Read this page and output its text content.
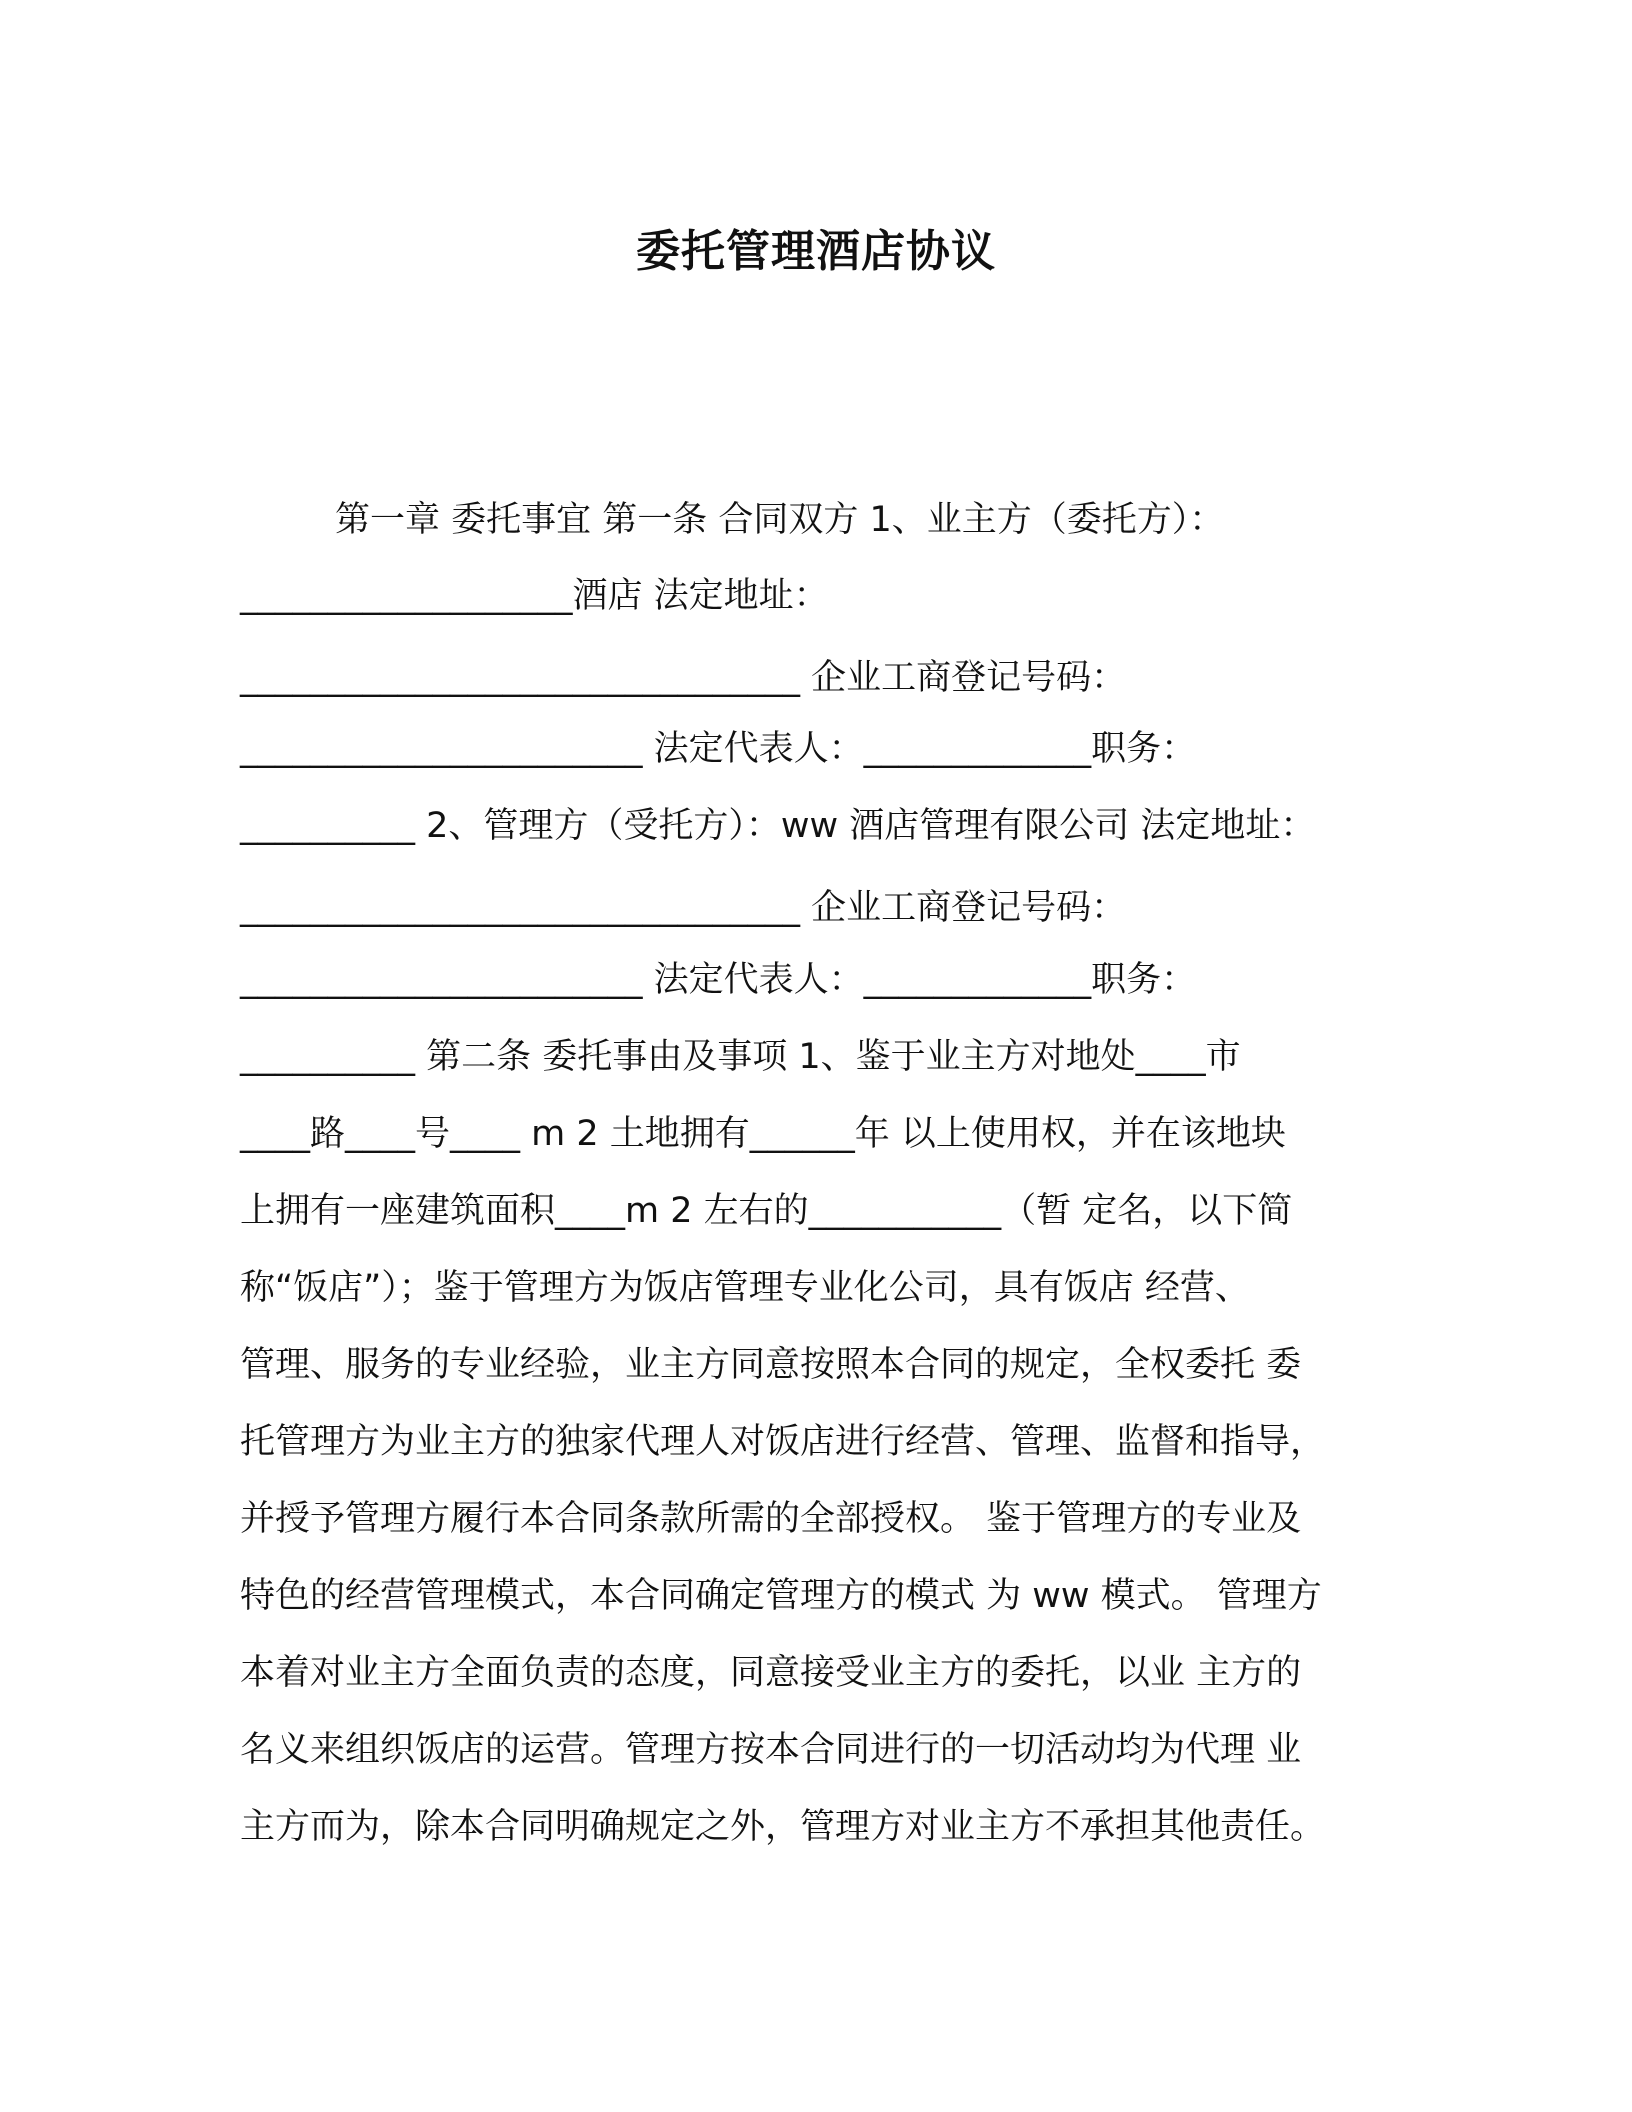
委托管理酒店协议
第一章 委托事宜 第一条 合同双方 1、业主方（委托方）：
___________________酒店 法定地址：
________________________________ 企业工商登记号码：
_______________________ 法定代表人：_____________职务：
__________ 2、管理方（受托方）：ww 酒店管理有限公司 法定地址：
________________________________ 企业工商登记号码：
_______________________ 法定代表人：_____________职务：
__________ 第二条 委托事由及事项 1、鉴于业主方对地处____市
____路____号____ m 2 土地拥有______年 以上使用权，并在该地块
上拥有一座建筑面积____m 2 左右的___________（暂 定名，以下简
称“饭店”）；鉴于管理方为饭店管理专业化公司，具有饭店 经营、
管理、服务的专业经验，业主方同意按照本合同的规定，全权委托 委
托管理方为业主方的独家代理人对饭店进行经营、管理、监督和指导，
并授予管理方履行本合同条款所需的全部授权。 鉴于管理方的专业及
特色的经营管理模式，本合同确定管理方的模式 为 ww 模式。 管理方
本着对业主方全面负责的态度，同意接受业主方的委托，以业 主方的
名义来组织饭店的运营。管理方按本合同进行的一切活动均为代理 业
主方而为，除本合同明确规定之外，管理方对业主方不承担其他责任。
